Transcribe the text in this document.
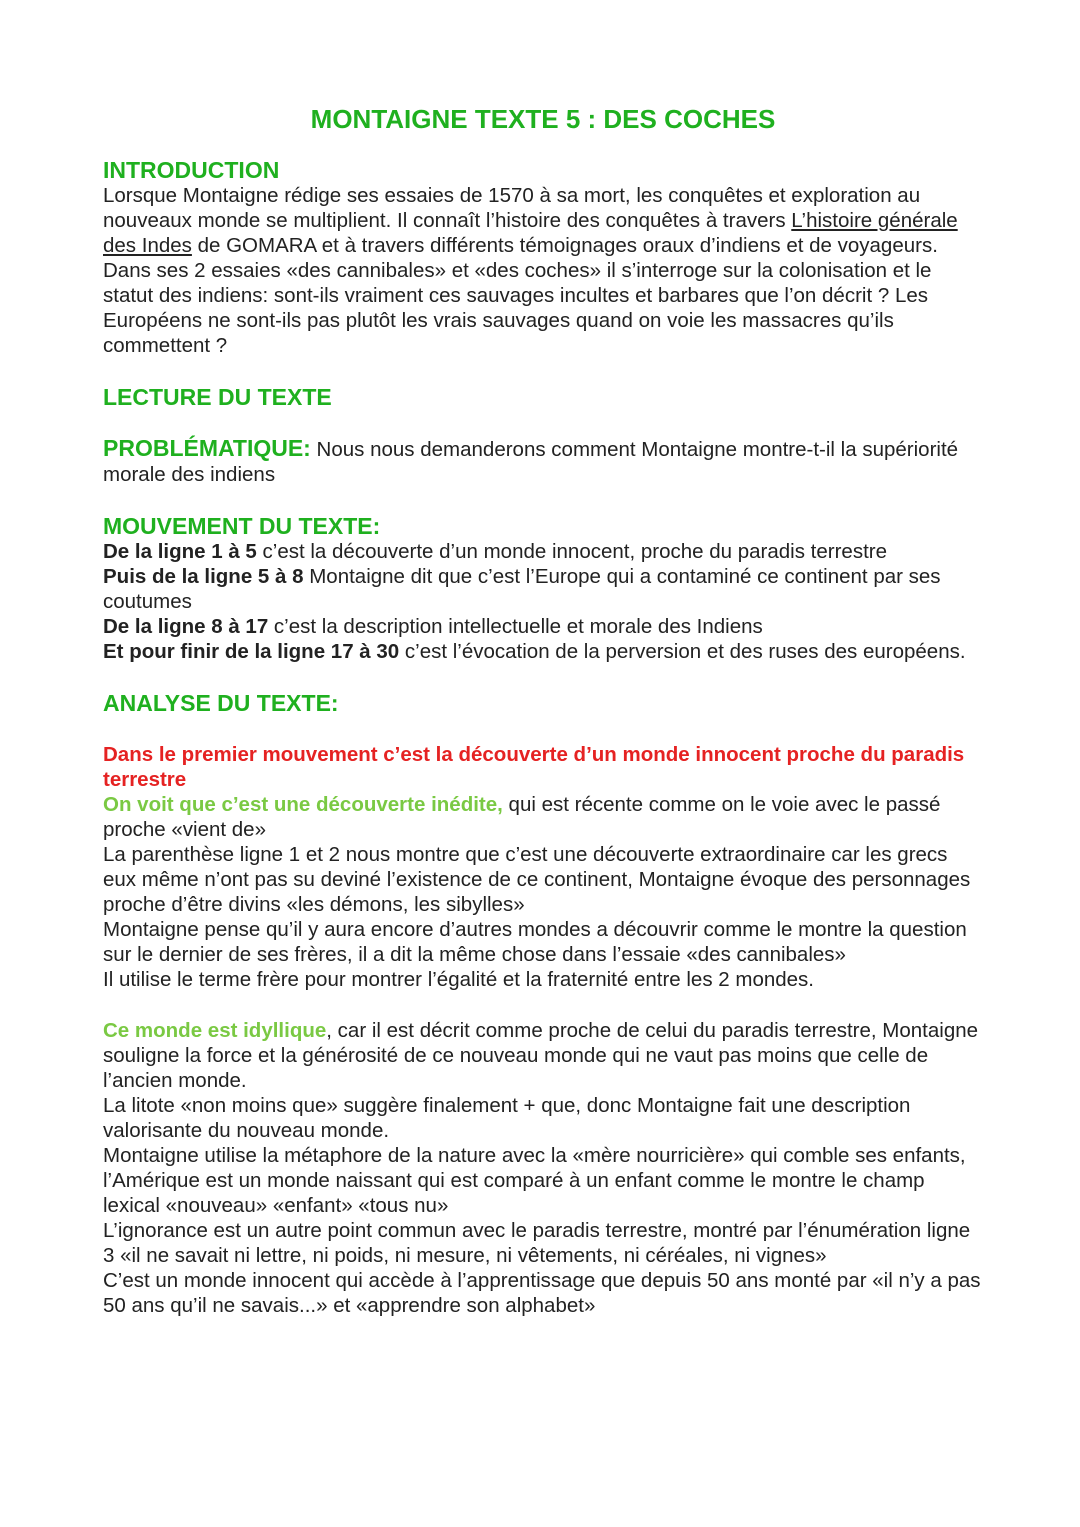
MONTAIGNE TEXTE 5 : DES COCHES
INTRODUCTION

Lorsque Montaigne rédige ses essaies de 1570 à sa mort, les conquêtes et exploration au nouveaux monde se multiplient. Il connaît l’histoire des conquêtes à travers L’histoire générale des Indes de GOMARA et à travers différents témoignages oraux d’indiens et de voyageurs. Dans ses 2 essaies «des cannibales» et «des coches» il s’interroge sur la colonisation et le statut des indiens: sont-ils vraiment ces sauvages incultes et barbares que l’on décrit ? Les Européens ne sont-ils pas plutôt les vrais sauvages quand on voie les massacres qu’ils commettent ?

LECTURE DU TEXTE

PROBLÉMATIQUE: Nous nous demanderons comment Montaigne montre-t-il la supériorité morale des indiens

MOUVEMENT DU TEXTE:

De la ligne 1 à 5 c’est la découverte d’un monde innocent, proche du paradis terrestre

Puis de la ligne 5 à 8 Montaigne dit que c’est l’Europe qui a contaminé ce continent par ses coutumes

De la ligne 8 à 17 c’est la description intellectuelle et morale des Indiens

Et pour finir de la ligne 17 à 30 c’est l’évocation de la perversion et des ruses des européens.

ANALYSE DU TEXTE:

Dans le premier mouvement c’est la découverte d’un monde innocent proche du paradis terrestre

On voit que c’est une découverte inédite, qui est récente comme on le voie avec le passé proche «vient de»

La parenthèse ligne 1 et 2 nous montre que c’est une découverte extraordinaire car les grecs eux même n’ont pas su deviné l’existence de ce continent, Montaigne évoque des personnages proche d’être divins «les démons, les sibylles»

Montaigne pense qu’il y aura encore d’autres mondes a découvrir comme le montre la question sur le dernier de ses frères, il a dit la même chose dans l’essaie «des cannibales»

Il utilise le terme frère pour montrer l’égalité et la fraternité entre les 2 mondes.

Ce monde est idyllique, car il est décrit comme proche de celui du paradis terrestre, Montaigne souligne la force et la générosité de ce nouveau monde qui ne vaut pas moins que celle de l’ancien monde.

La litote «non moins que» suggère finalement + que, donc Montaigne fait une description valorisante du nouveau monde.

Montaigne utilise la métaphore de la nature avec la «mère nourricière» qui comble ses enfants, l’Amérique est un monde naissant qui est comparé à un enfant comme le montre le champ lexical «nouveau» «enfant» «tous nu»

L’ignorance est un autre point commun avec le paradis terrestre, montré par l’énumération ligne 3 «il ne savait ni lettre, ni poids, ni mesure, ni vêtements, ni céréales, ni vignes»

C’est un monde innocent qui accède à l’apprentissage que depuis 50 ans monté par «il n’y a pas 50 ans qu’il ne savais...» et «apprendre son alphabet»
